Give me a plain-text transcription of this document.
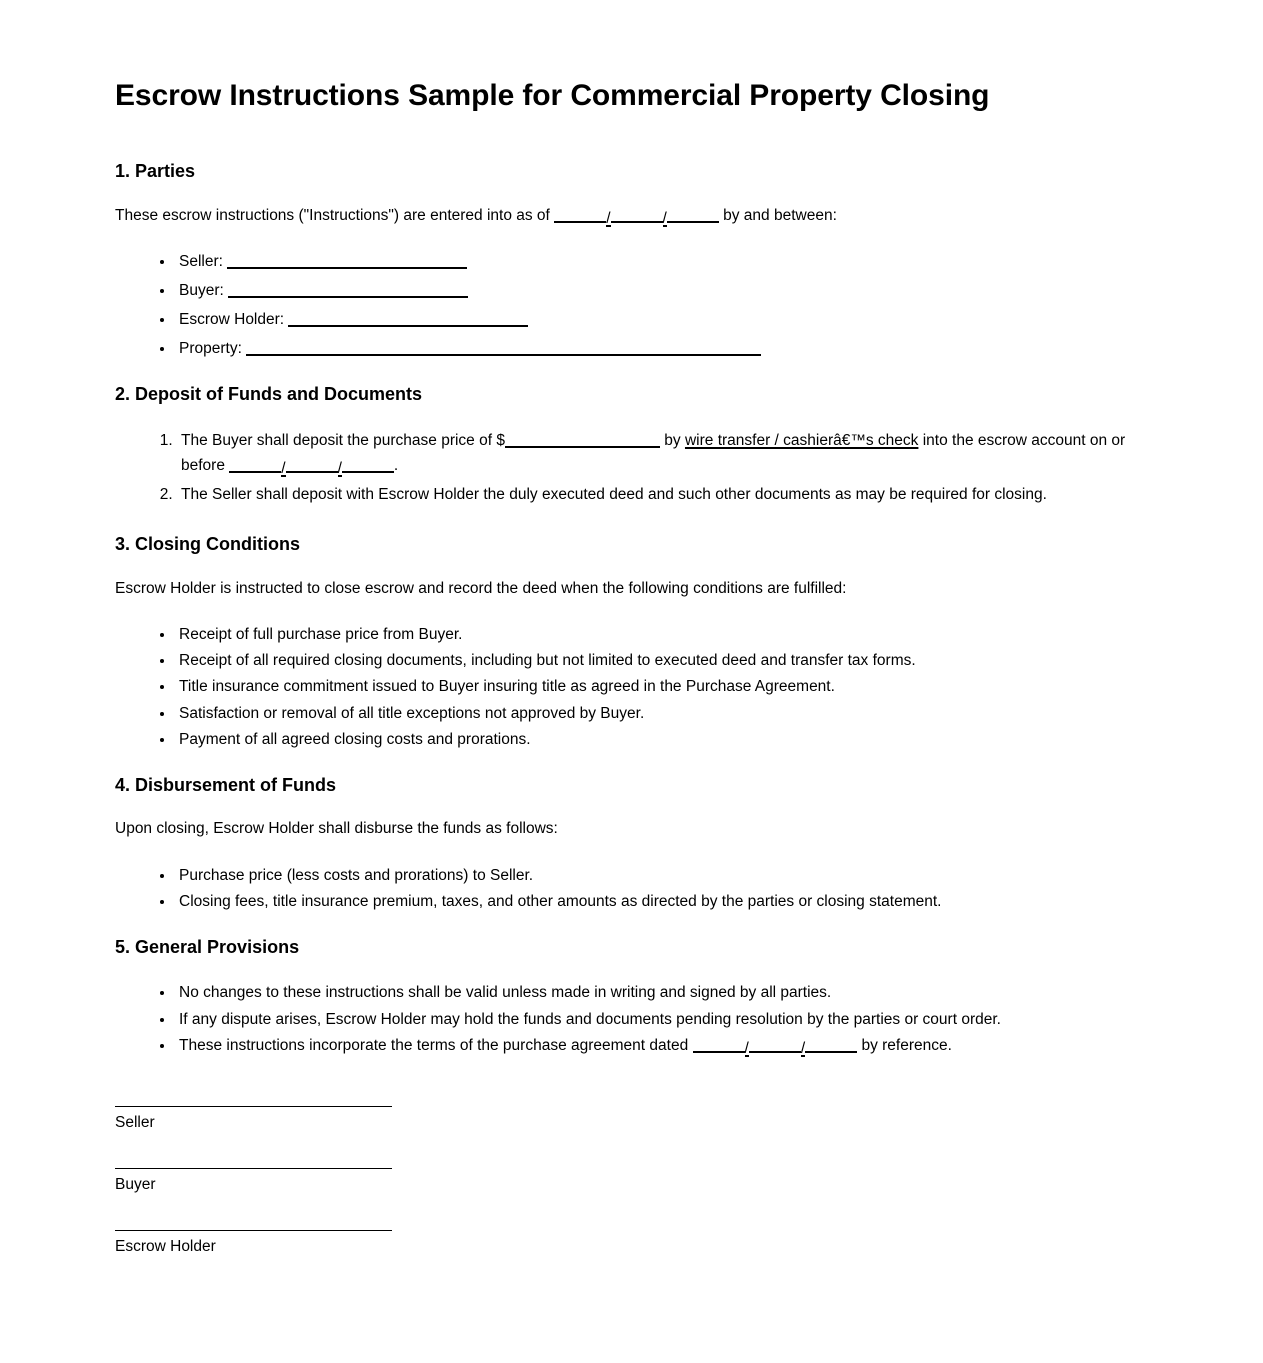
Escrow Instructions Sample for Commercial Property Closing
1. Parties

These escrow instructions ("Instructions") are entered into as of	/	/	by and between:

• Seller:
• Buyer:
• Escrow Holder:
• Property:
2. Deposit of Funds and Documents
1. The Buyer shall deposit the purchase price of $	by wire transfer / cashierâ€™s check into the escrow account on or before	/	/	.
2. The Seller shall deposit with Escrow Holder the duly executed deed and such other documents as may be required for closing.
3. Closing Conditions

Escrow Holder is instructed to close escrow and record the deed when the following conditions are fulfilled:

• Receipt of full purchase price from Buyer.
• Receipt of all required closing documents, including but not limited to executed deed and transfer tax forms.
• Title insurance commitment issued to Buyer insuring title as agreed in the Purchase Agreement.
• Satisfaction or removal of all title exceptions not approved by Buyer.
• Payment of all agreed closing costs and prorations.
4. Disbursement of Funds

Upon closing, Escrow Holder shall disburse the funds as follows:

• Purchase price (less costs and prorations) to Seller.
• Closing fees, title insurance premium, taxes, and other amounts as directed by the parties or closing statement.
5. General Provisions
• No changes to these instructions shall be valid unless made in writing and signed by all parties.
• If any dispute arises, Escrow Holder may hold the funds and documents pending resolution by the parties or court order.
• These instructions incorporate the terms of the purchase agreement dated	/	/	by reference.
Seller
Buyer
Escrow Holder
